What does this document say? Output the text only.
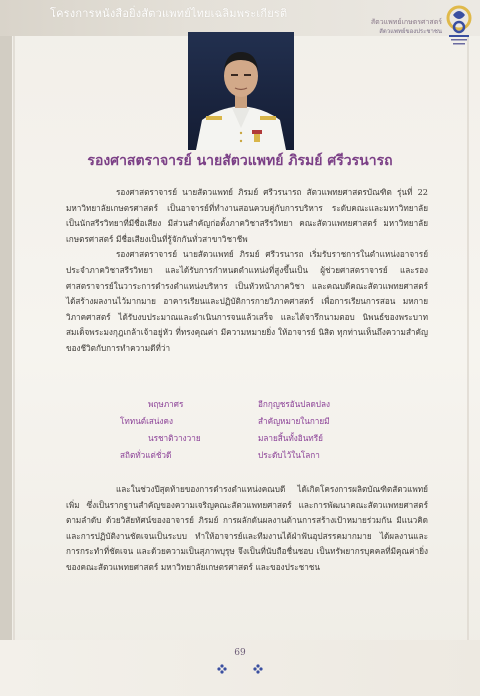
โครงการหนังสือยิ่งสัตวแพทย์ไทยเฉลิมพระเกียรติ
สัตวแพทย์เกษตรศาสตร์
สัตวแพทย์ของประชาชน
รองศาสตราจารย์ นายสัตวแพทย์ ภิรมย์ ศรีวรนารถ

รองศาสตราจารย์ นายสัตวแพทย์ ภิรมย์ ศรีวรนารถ สัตวแพทยศาสตรบัณฑิต รุ่นที่ 22 มหาวิทยาลัยเกษตรศาสตร์ เป็นอาจารย์ที่ทำงานสอนควบคู่กับการบริหาร ระดับคณะและมหาวิทยาลัย เป็นนักสรีรวิทยาที่มีชื่อเสียง มีส่วนสำคัญก่อตั้งภาควิชาสรีรวิทยา คณะสัตวแพทยศาสตร์ มหาวิทยาลัยเกษตรศาสตร์ มีชื่อเสียงเป็นที่รู้จักกันทั่วสาขาวิชาชีพ

รองศาสตราจารย์ นายสัตวแพทย์ ภิรมย์ ศรีวรนารถ เริ่มรับราชการในตำแหน่งอาจารย์ประจำภาควิชาสรีรวิทยา และได้รับการกำหนดตำแหน่งที่สูงขึ้นเป็น ผู้ช่วยศาสตราจารย์ และรองศาสตราจารย์ในวาระการดำรงตำแหน่งบริหาร เป็นหัวหน้าภาควิชา และคณบดีคณะสัตวแพทยศาสตร์ ได้สร้างผลงานไว้มากมาย อาคารเรียนและปฏิบัติการกายวิภาคศาสตร์ เพื่อการเรียนการสอน มหกายวิภาคศาสตร์ ได้รับงบประมาณและดำเนินการจนแล้วเสร็จ และได้จารึกนามตอบ นิพนธ์ของพระบาทสมเด็จพระมงกุฎเกล้าเจ้าอยู่หัว ที่ทรงคุณค่า มีความหมายยิ่ง ให้อาจารย์ นิสิต ทุกท่านเห็นถึงความสำคัญของชีวิตกับการทำความดีที่ว่า

พฤษภาศร	อีกกุญชรอันปลดปลง
โททนต์เสน่งคง	สำคัญหมายในกายมี
นรชาติวางวาย	มลายสิ้นทั้งอินทรีย์
สถิตทั่วแต่ชั่วดี	ประดับไว้ในโลกา

และในช่วงปีสุดท้ายของการดำรงตำแหน่งคณบดี ได้เกิดโครงการผลิตบัณฑิตสัตวแพทย์เพิ่ม ซึ่งเป็นรากฐานสำคัญของความเจริญคณะสัตวแพทยศาสตร์ และการพัฒนาคณะสัตวแพทยศาสตร์ ตามลำดับ ด้วยวิสัยทัศน์ของอาจารย์ ภิรมย์ การผลักดันผลงานด้านการสร้างเป้าหมายร่วมกัน มีแนวคิด และการปฏิบัติงานชัดเจนเป็นระบบ ทำให้อาจารย์และทีมงานได้ฝ่าฟันอุปสรรคมากมาย ได้ผลงานและการกระทำที่ชัดเจน และด้วยความเป็นสุภาพบุรุษ จึงเป็นที่นับถือชื่นชอบ เป็นทรัพยากรบุคคลที่มีคุณค่ายิ่ง ของคณะสัตวแพทยศาสตร์ มหาวิทยาลัยเกษตรศาสตร์ และของประชาชน

69
